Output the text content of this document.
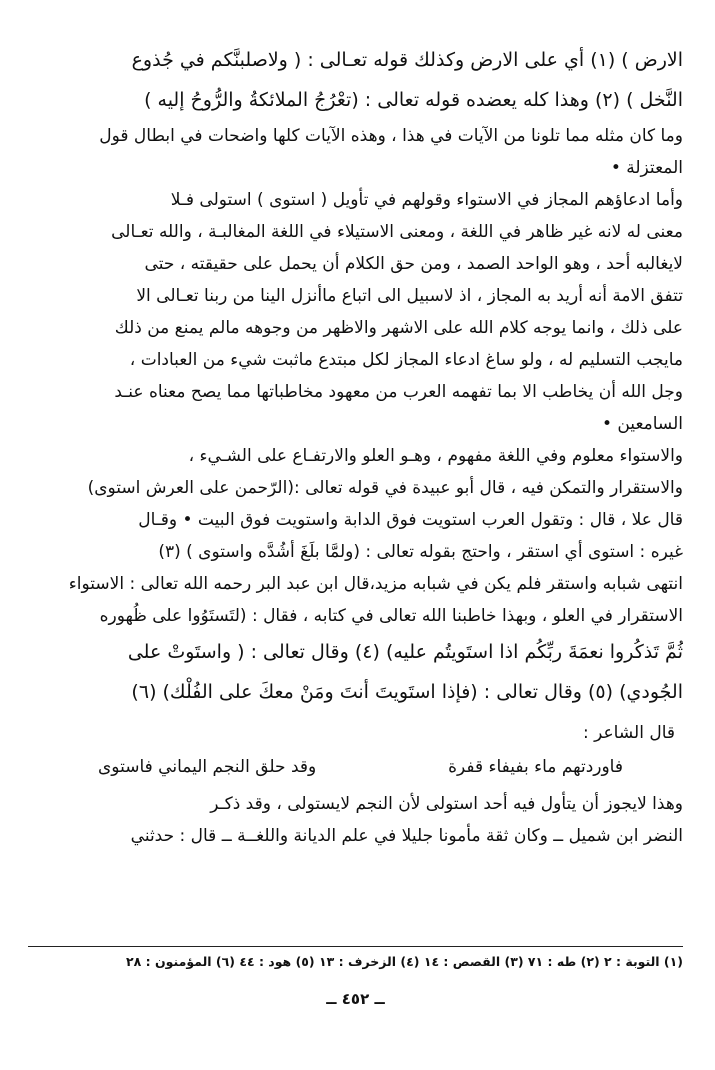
الارض ) (١) أي على الارض وكذلك قوله تعـالى : ( ولاصلبنَّكم في جُذوع
النَّخل ) (٢) وهذا كله يعضده قوله تعالى : (تعْرُجُ الملائكةُ والرُّوحُ إليه )
وما كان مثله مما تلونا من الآيات في هذا ، وهذه الآيات كلها واضحات في ابطال قول
المعتزلة •
وأما ادعاؤهم المجاز في الاستواء وقولهم في تأويل ( استوى ) استولى فـلا
معنى له لانه غير ظاهر في اللغة ، ومعنى الاستيلاء في اللغة المغالبـة ، والله تعـالى
لايغالبه أحد ، وهو الواحد الصمد ، ومن حق الكلام أن يحمل على حقيقته ، حتى
تتفق الامة أنه أريد به المجاز ، اذ لاسبيل الى اتباع ماأنزل الينا من ربنا تعـالى الا
على ذلك ، وانما يوجه كلام الله على الاشهر والاظهر من وجوهه مالم يمنع من ذلك
مايجب التسليم له ، ولو ساغ ادعاء المجاز لكل مبتدع ماثبت شيء من العبادات ،
وجل الله أن يخاطب الا بما تفهمه العرب من معهود مخاطباتها مما يصح معناه عنـد
السامعين •
والاستواء معلوم وفي اللغة مفهوم ، وهـو العلو والارتفـاع على الشـيء ،
والاستقرار والتمكن فيه ، قال أبو عبيدة في قوله تعالى :(الرّحمن على العرش استوى)
قال علا ، قال : وتقول العرب استويت فوق الدابة واستويت فوق البيت • وقـال
غيره : استوى أي استقر ، واحتج بقوله تعالى : (ولمَّا بلَغَ أشُدَّه واستوى ) (٣)
انتهى شبابه واستقر فلم يكن في شبابه مزيد،قال ابن عبد البر رحمه الله تعالى : الاستواء
الاستقرار في العلو ، وبهذا خاطبنا الله تعالى في كتابه ، فقال : (لتَستَوُوا على ظُهوره
ثُمَّ تَذكُروا نعمَةَ ربِّكُم اذا استَويتُم عليه) (٤) وقال تعالى : ( واستَوتْ على
الجُودي) (٥) وقال تعالى : (فإذا استَويتَ أنتَ ومَنْ معكَ على الفُلْك) (٦)
قال الشاعر :
فاوردتهم ماء بفيفاء قفرة
وقد حلق النجم اليماني فاستوى
وهذا لايجوز أن يتأول فيه أحد استولى لأن النجم لايستولى ، وقد ذكـر
النضر ابن شميل ــ وكان ثقة مأمونا جليلا في علم الديانة واللغــة ــ قال : حدثني
(١) التوبة : ٢ (٢) طه : ٧١ (٣) القصص : ١٤ (٤) الزخرف : ١٣ (٥) هود : ٤٤ (٦) المؤمنون : ٢٨
ــ ٤٥٢ ــ
